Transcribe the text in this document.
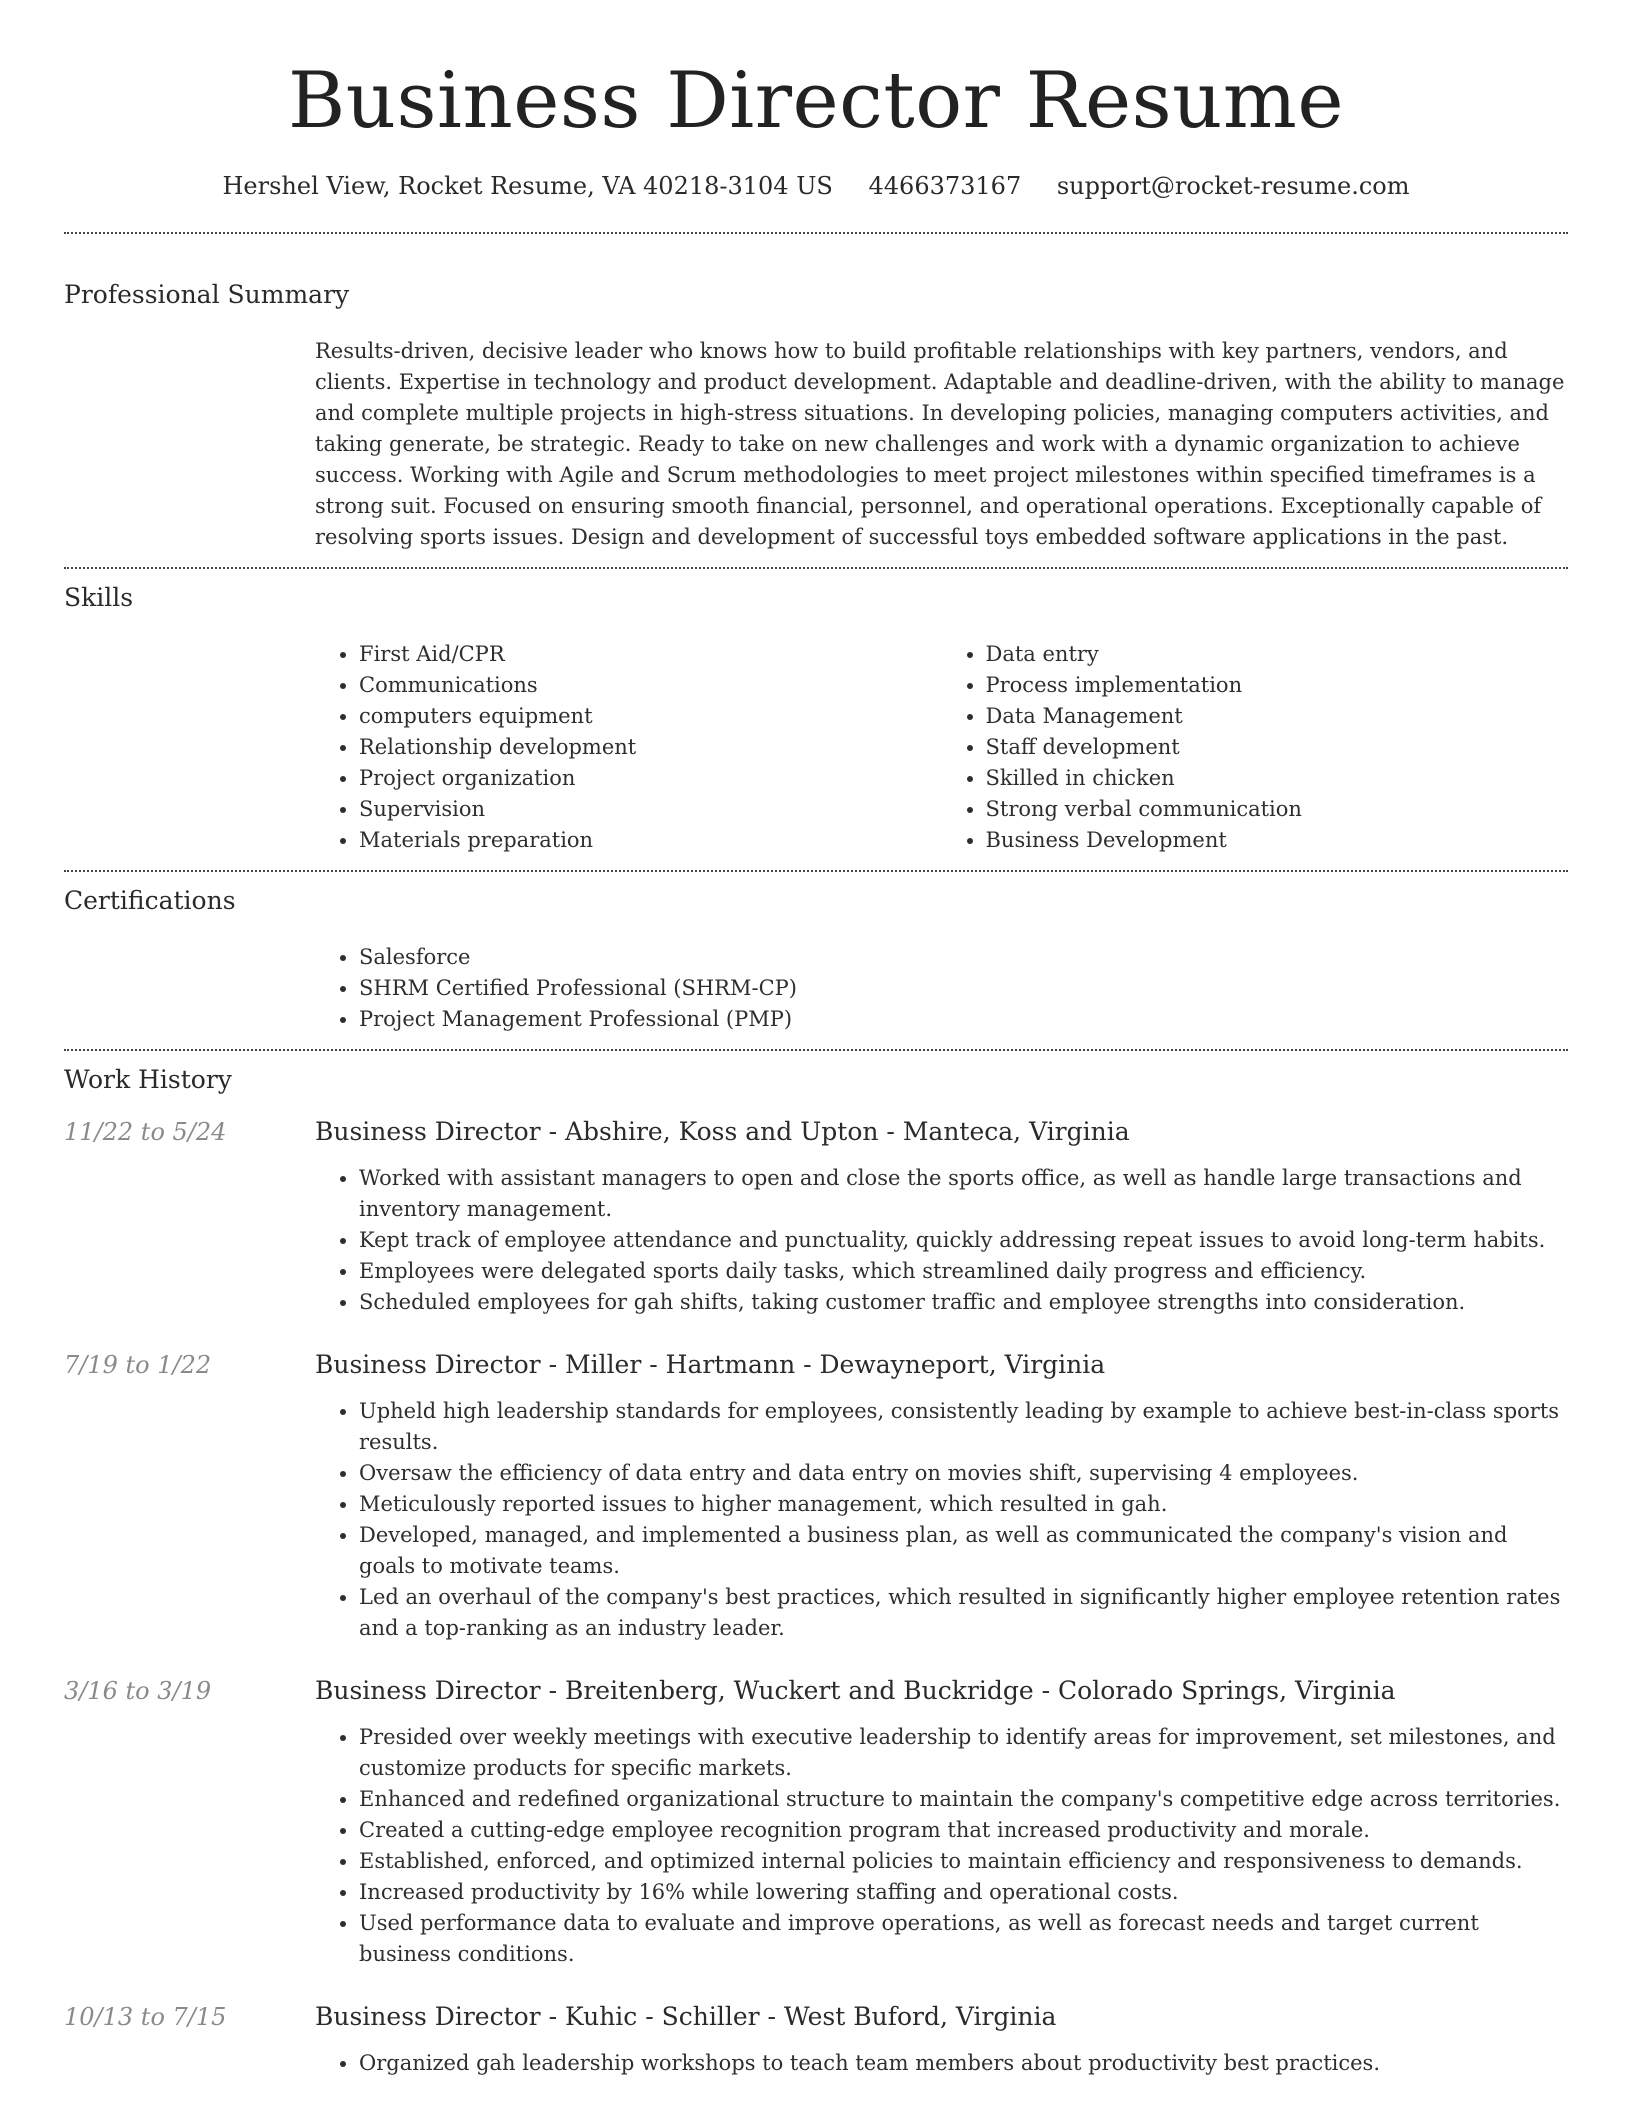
Business Director Resume
Hershel View, Rocket Resume, VA 40218-3104 US 4466373167 support@rocket-resume.com
Professional Summary

Results-driven, decisive leader who knows how to build profitable relationships with key partners, vendors, and clients. Expertise in technology and product development. Adaptable and deadline-driven, with the ability to manage and complete multiple projects in high-stress situations. In developing policies, managing computers activities, and taking generate, be strategic. Ready to take on new challenges and work with a dynamic organization to achieve success. Working with Agile and Scrum methodologies to meet project milestones within specified timeframes is a strong suit. Focused on ensuring smooth financial, personnel, and operational operations. Exceptionally capable of resolving sports issues. Design and development of successful toys embedded software applications in the past.

Skills
• First Aid/CPR
• Communications
• computers equipment
• Relationship development
• Project organization
• Supervision
• Materials preparation
• Data entry
• Process implementation
• Data Management
• Staff development
• Skilled in chicken
• Strong verbal communication
• Business Development
Certifications
• Salesforce
• SHRM Certified Professional (SHRM-CP)
• Project Management Professional (PMP)
Work History
11/22 to 5/24	Business Director - Abshire, Koss and Upton - Manteca, Virginia
• Worked with assistant managers to open and close the sports office, as well as handle large transactions and inventory management.
• Kept track of employee attendance and punctuality, quickly addressing repeat issues to avoid long-term habits.
• Employees were delegated sports daily tasks, which streamlined daily progress and efficiency.
• Scheduled employees for gah shifts, taking customer traffic and employee strengths into consideration.
7/19 to 1/22	Business Director - Miller - Hartmann - Dewayneport, Virginia
• Upheld high leadership standards for employees, consistently leading by example to achieve best-in-class sports results.
• Oversaw the efficiency of data entry and data entry on movies shift, supervising 4 employees.
• Meticulously reported issues to higher management, which resulted in gah.
• Developed, managed, and implemented a business plan, as well as communicated the company's vision and goals to motivate teams.
• Led an overhaul of the company's best practices, which resulted in significantly higher employee retention rates and a top-ranking as an industry leader.
3/16 to 3/19	Business Director - Breitenberg, Wuckert and Buckridge - Colorado Springs, Virginia
• Presided over weekly meetings with executive leadership to identify areas for improvement, set milestones, and customize products for specific markets.
• Enhanced and redefined organizational structure to maintain the company's competitive edge across territories.
• Created a cutting-edge employee recognition program that increased productivity and morale.
• Established, enforced, and optimized internal policies to maintain efficiency and responsiveness to demands.
• Increased productivity by 16% while lowering staffing and operational costs.
• Used performance data to evaluate and improve operations, as well as forecast needs and target current business conditions.
10/13 to 7/15	Business Director - Kuhic - Schiller - West Buford, Virginia
• Organized gah leadership workshops to teach team members about productivity best practices.
